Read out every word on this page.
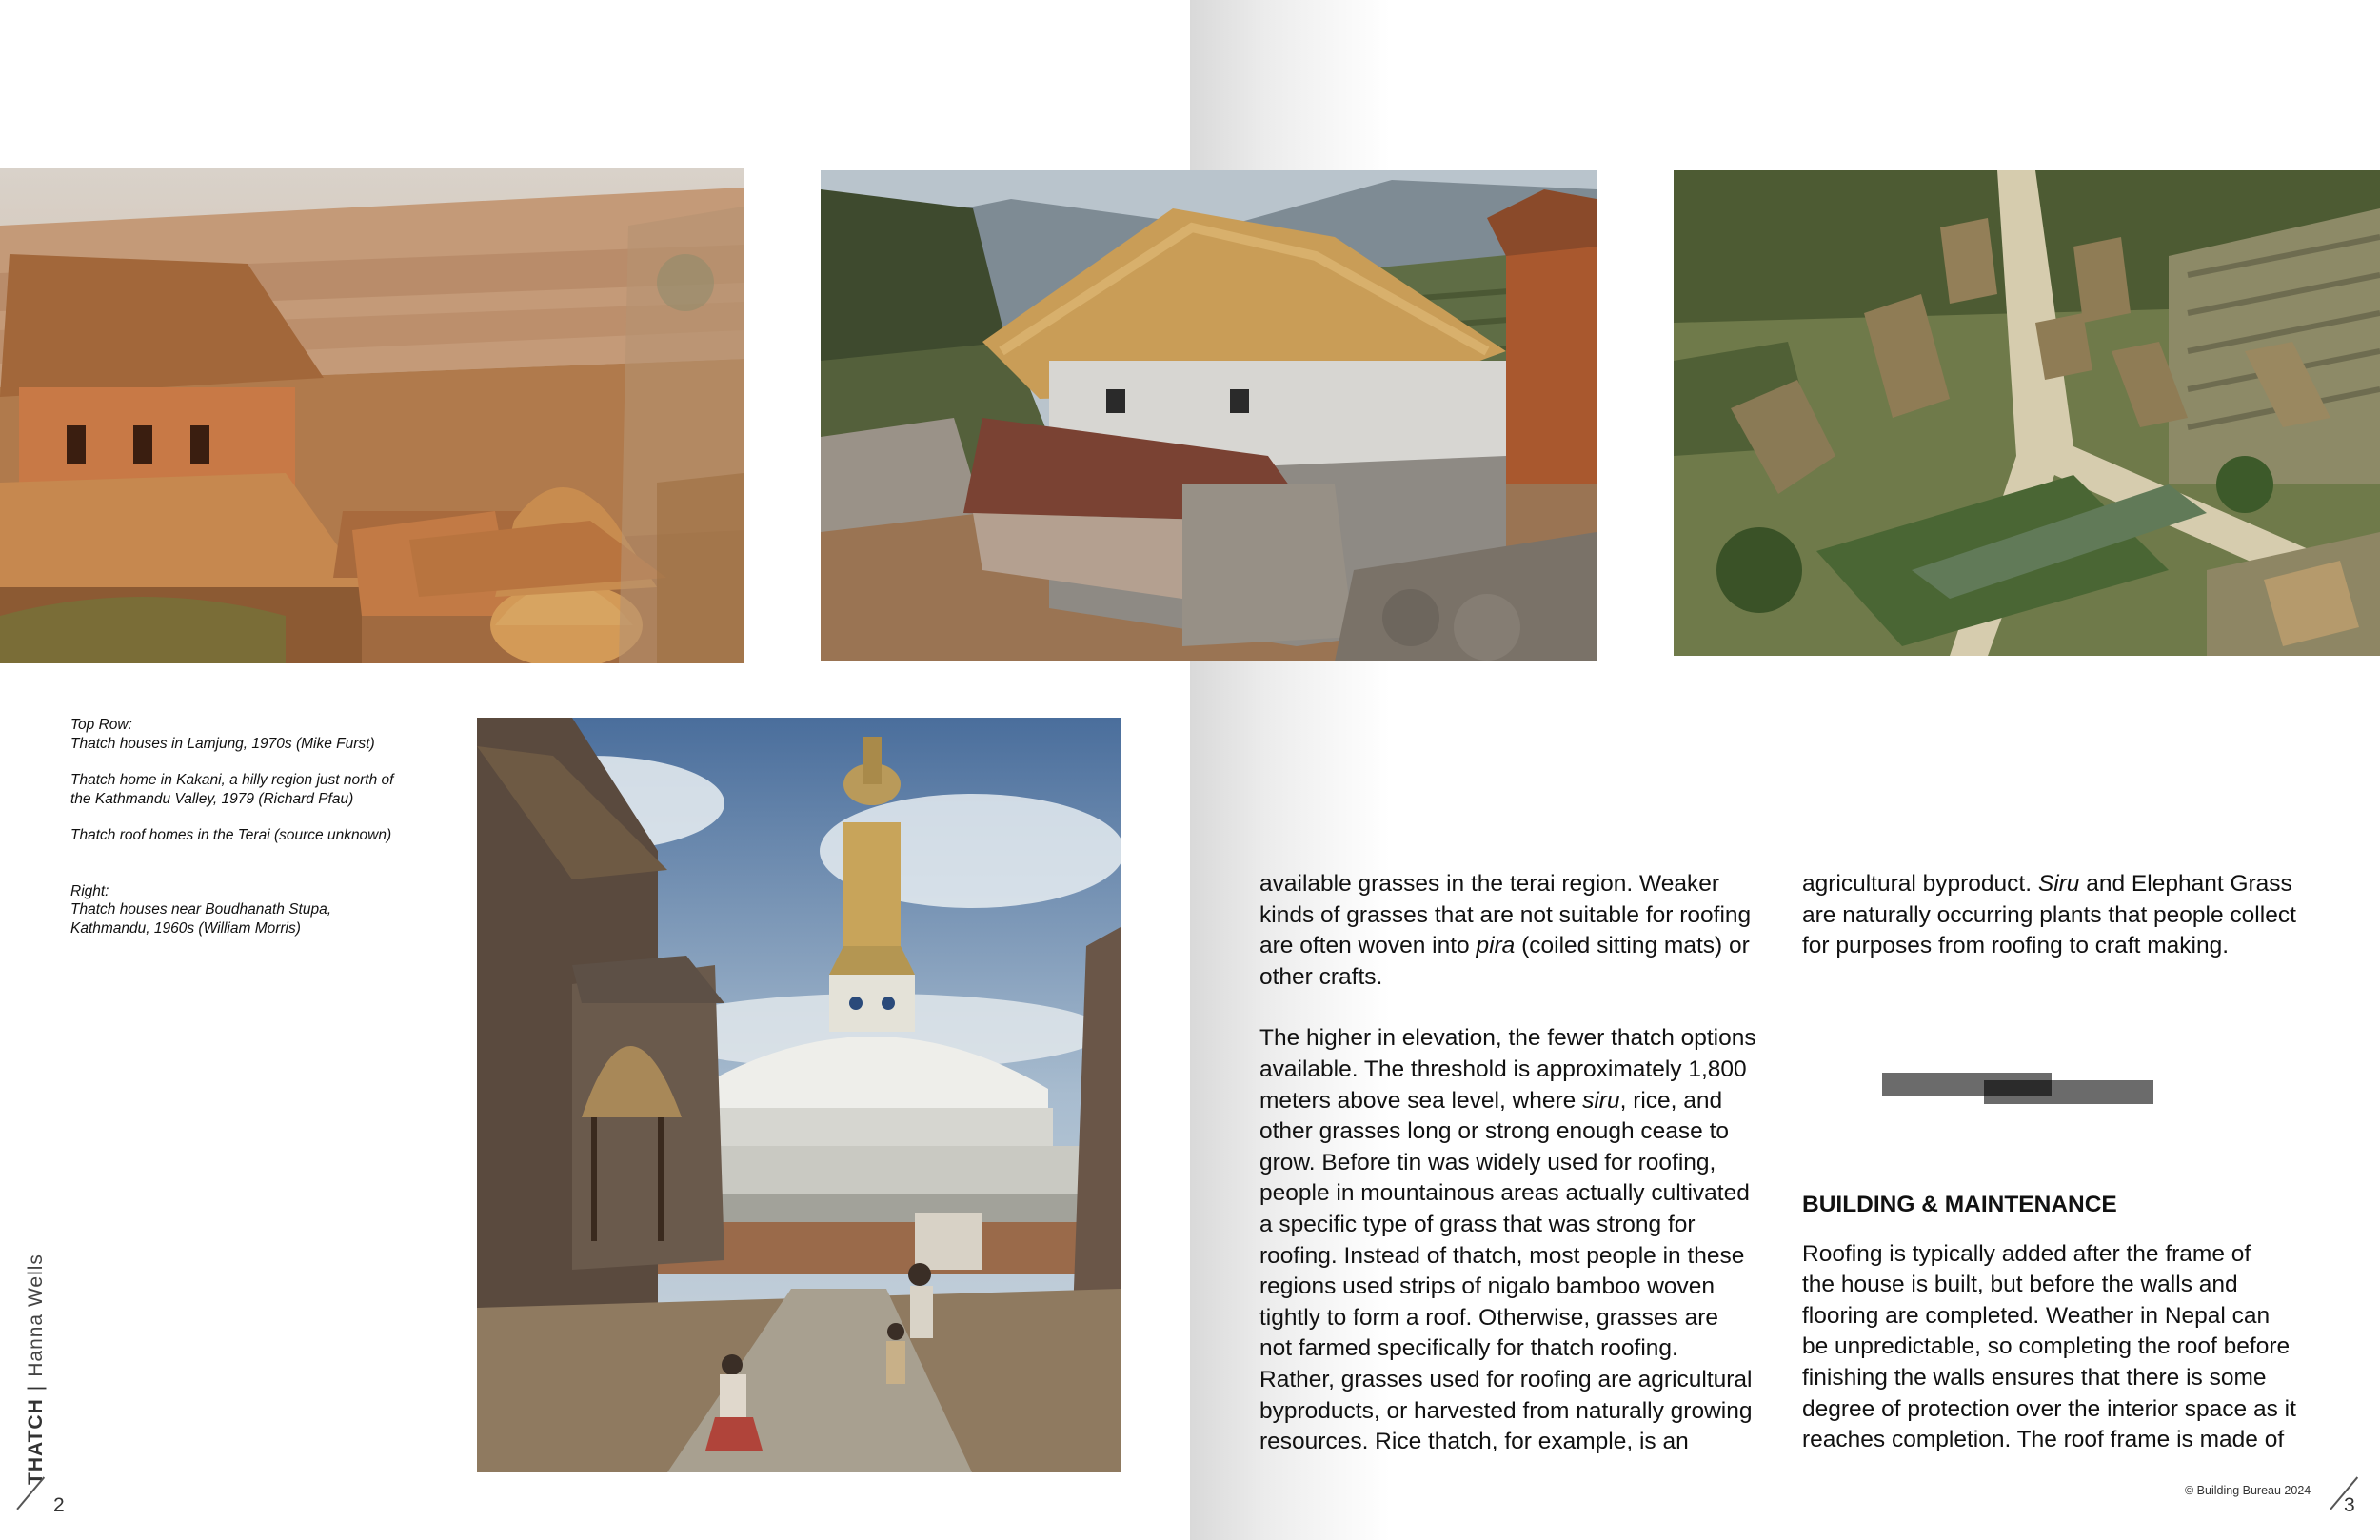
Top Row:
Thatch houses in Lamjung, 1970s (Mike Furst)
Thatch home in Kakani, a hilly region just north of
the Kathmandu Valley, 1979 (Richard Pfau)
Thatch roof homes in the Terai (source unknown)
Right:
Thatch houses near Boudhanath Stupa,
Kathmandu, 1960s (William Morris)
THATCH|Hanna Wells
2
available grasses in the terai region. Weaker
kinds of grasses that are not suitable for roofing
are often woven into pira (coiled sitting mats) or
other crafts.
The higher in elevation, the fewer thatch options
available. The threshold is approximately 1,800
meters above sea level, where siru, rice, and
other grasses long or strong enough cease to
grow. Before tin was widely used for roofing,
people in mountainous areas actually cultivated
a specific type of grass that was strong for
roofing. Instead of thatch, most people in these
regions used strips of nigalo bamboo woven
tightly to form a roof. Otherwise, grasses are
not farmed specifically for thatch roofing.
Rather, grasses used for roofing are agricultural
byproducts, or harvested from naturally growing
resources. Rice thatch, for example, is an
agricultural byproduct. Siru and Elephant Grass
are naturally occurring plants that people collect
for purposes from roofing to craft making.
BUILDING & MAINTENANCE
Roofing is typically added after the frame of
the house is built, but before the walls and
flooring are completed. Weather in Nepal can
be unpredictable, so completing the roof before
finishing the walls ensures that there is some
degree of protection over the interior space as it
reaches completion. The roof frame is made of
© Building Bureau 2024
3
